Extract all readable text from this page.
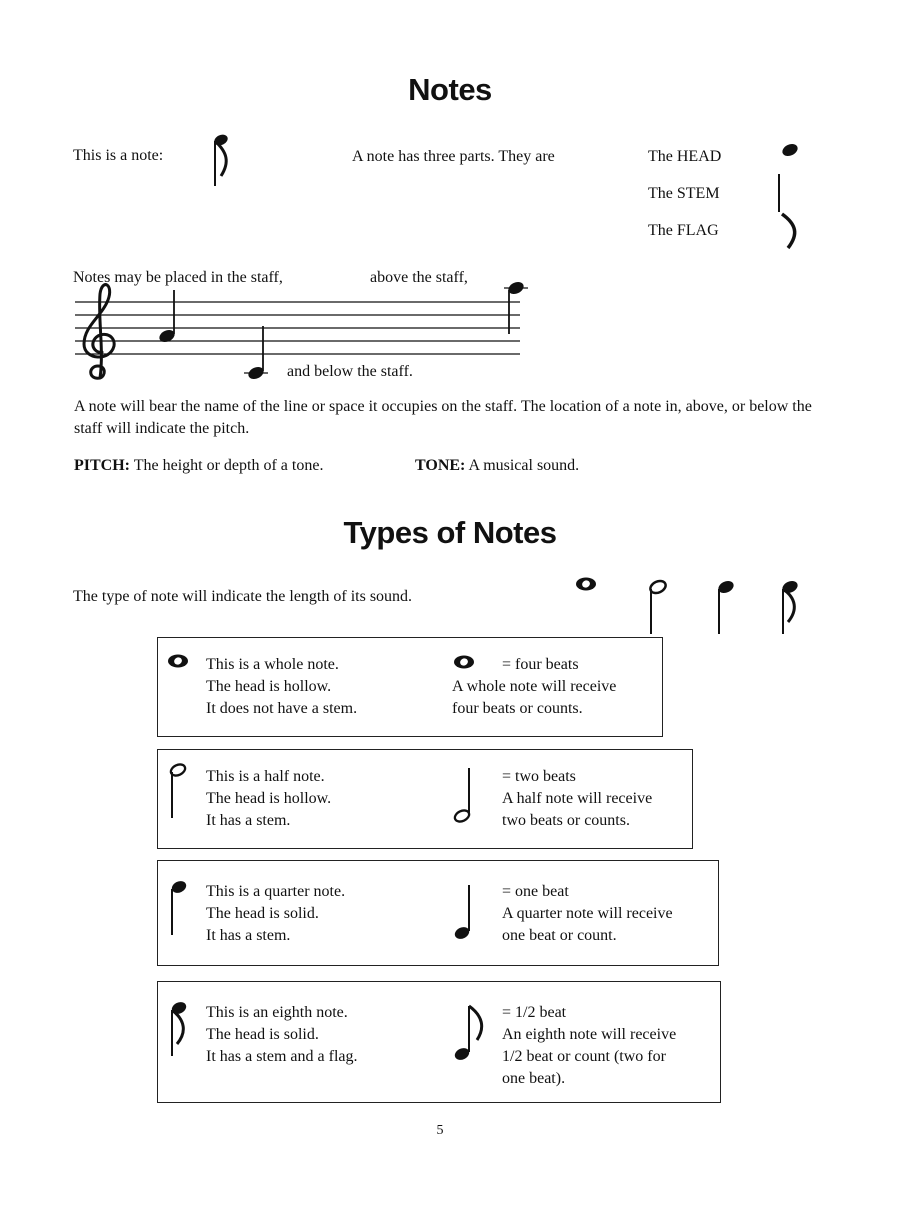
Notes
This is a note:	A note has three parts. They are	The HEAD
The STEM
The FLAG
Notes may be placed in the staff,	above the staff,
and below the staff.
A note will bear the name of the line or space it occupies on the staff. The location of a note in, above, or below the staff will indicate the pitch.
PITCH: The height or depth of a tone.	TONE: A musical sound.
Types of Notes
The type of note will indicate the length of its sound.
This is a whole note.
The head is hollow.
It does not have a stem.
= four beats
A whole note will receive
four beats or counts.
This is a half note.
The head is hollow.
It has a stem.
= two beats
A half note will receive
two beats or counts.
This is a quarter note.
The head is solid.
It has a stem.
= one beat
A quarter note will receive
one beat or count.
This is an eighth note.
The head is solid.
It has a stem and a flag.
= 1/2 beat
An eighth note will receive
1/2 beat or count (two for
one beat).
5
